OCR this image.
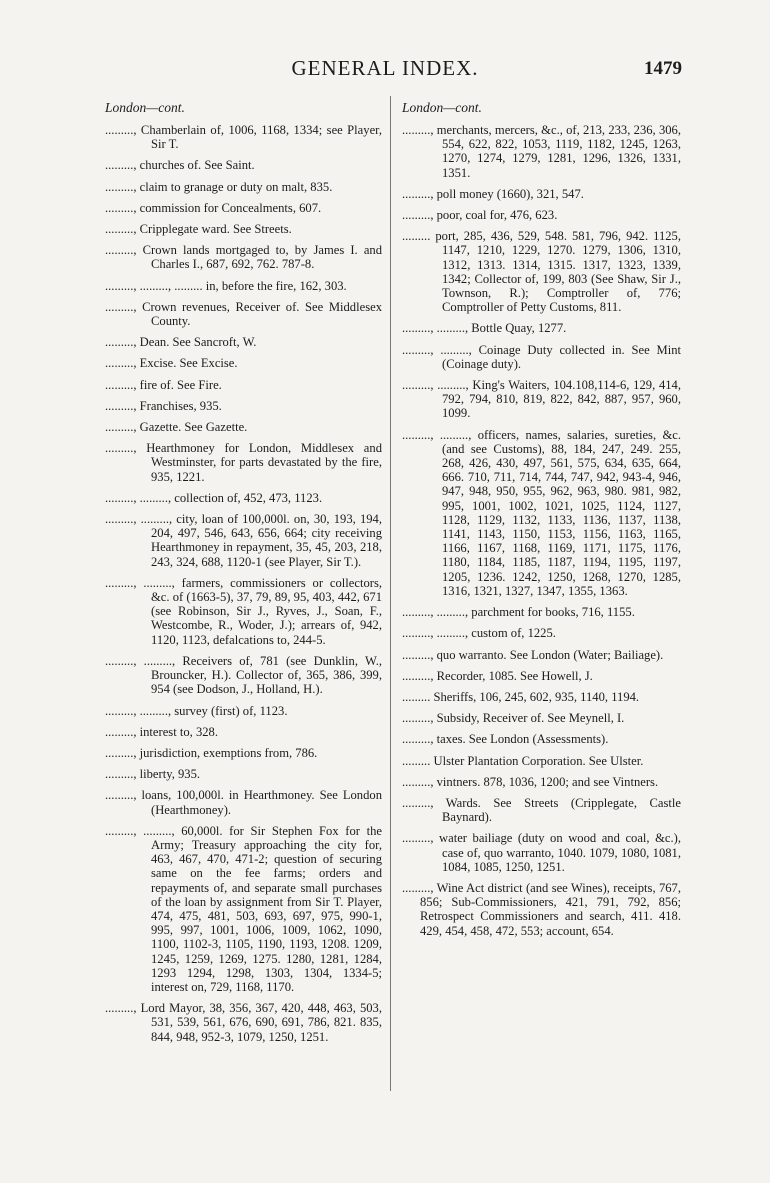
GENERAL INDEX.	1479
London—cont.
........., Chamberlain of, 1006, 1168, 1334; see Player, Sir T.
........., churches of. See Saint.
........., claim to granage or duty on malt, 835.
........., commission for Concealments, 607.
........., Cripplegate ward. See Streets.
........., Crown lands mortgaged to, by James I. and Charles I., 687, 692, 762. 787-8.
........., ........., ......... in, before the fire, 162, 303.
........., Crown revenues, Receiver of. See Middlesex County.
........., Dean. See Sancroft, W.
........., Excise. See Excise.
........., fire of. See Fire.
........., Franchises, 935.
........., Gazette. See Gazette.
........., Hearthmoney for London, Middlesex and Westminster, for parts devastated by the fire, 935, 1221.
........., ........., collection of, 452, 473, 1123.
........., ........., city, loan of 100,000l. on, 30, 193, 194, 204, 497, 546, 643, 656, 664; city receiving Hearthmoney in repayment, 35, 45, 203, 218, 243, 324, 688, 1120-1 (see Player, Sir T.).
........., ........., farmers, commissioners or collectors, &c. of (1663-5), 37, 79, 89, 95, 403, 442, 671 (see Robinson, Sir J., Ryves, J., Soan, F., Westcombe, R., Woder, J.); arrears of, 942, 1120, 1123, defalcations to, 244-5.
........., ........., Receivers of, 781 (see Dunklin, W., Brouncker, H.). Collector of, 365, 386, 399, 954 (see Dodson, J., Holland, H.).
........., ........., survey (first) of, 1123.
........., interest to, 328.
........., jurisdiction, exemptions from, 786.
........., liberty, 935.
........., loans, 100,000l. in Hearthmoney. See London (Hearthmoney).
........., ........., 60,000l. for Sir Stephen Fox for the Army; Treasury approaching the city for, 463, 467, 470, 471-2; question of securing same on the fee farms; orders and repayments of, and separate small purchases of the loan by assignment from Sir T. Player, 474, 475, 481, 503, 693, 697, 975, 990-1, 995, 997, 1001, 1006, 1009, 1062, 1090, 1100, 1102-3, 1105, 1190, 1193, 1208. 1209, 1245, 1259, 1269, 1275. 1280, 1281, 1284, 1293 1294, 1298, 1303, 1304, 1334-5; interest on, 729, 1168, 1170.
........., Lord Mayor, 38, 356, 367, 420, 448, 463, 503, 531, 539, 561, 676, 690, 691, 786, 821. 835, 844, 948, 952-3, 1079, 1250, 1251.
London—cont.
........., merchants, mercers, &c., of, 213, 233, 236, 306, 554, 622, 822, 1053, 1119, 1182, 1245, 1263, 1270, 1274, 1279, 1281, 1296, 1326, 1331, 1351.
........., poll money (1660), 321, 547.
........., poor, coal for, 476, 623.
......... port, 285, 436, 529, 548. 581, 796, 942. 1125, 1147, 1210, 1229, 1270. 1279, 1306, 1310, 1312, 1313. 1314, 1315. 1317, 1323, 1339, 1342; Collector of, 199, 803 (See Shaw, Sir J., Townson, R.); Comptroller of, 776; Comptroller of Petty Customs, 811.
........., ........., Bottle Quay, 1277.
........., ........., Coinage Duty collected in. See Mint (Coinage duty).
........., ........., King's Waiters, 104.108,114-6, 129, 414, 792, 794, 810, 819, 822, 842, 887, 957, 960, 1099.
........., ........., officers, names, salaries, sureties, &c. (and see Customs), 88, 184, 247, 249. 255, 268, 426, 430, 497, 561, 575, 634, 635, 664, 666. 710, 711, 714, 744, 747, 942, 943-4, 946, 947, 948, 950, 955, 962, 963, 980. 981, 982, 995, 1001, 1002, 1021, 1025, 1124, 1127, 1128, 1129, 1132, 1133, 1136, 1137, 1138, 1141, 1143, 1150, 1153, 1156, 1163, 1165, 1166, 1167, 1168, 1169, 1171, 1175, 1176, 1180, 1184, 1185, 1187, 1194, 1195, 1197, 1205, 1236. 1242, 1250, 1268, 1270, 1285, 1316, 1321, 1327, 1347, 1355, 1363.
........., ........., parchment for books, 716, 1155.
........., ........., custom of, 1225.
........., quo warranto. See London (Water; Bailiage).
........., Recorder, 1085. See Howell, J.
......... Sheriffs, 106, 245, 602, 935, 1140, 1194.
........., Subsidy, Receiver of. See Meynell, I.
........., taxes. See London (Assessments).
......... Ulster Plantation Corporation. See Ulster.
........., vintners. 878, 1036, 1200; and see Vintners.
........., Wards. See Streets (Cripplegate, Castle Baynard).
........., water bailiage (duty on wood and coal, &c.), case of, quo warranto, 1040. 1079, 1080, 1081, 1084, 1085, 1250, 1251.
........., Wine Act district (and see Wines), receipts, 767, 856; Sub-Commissioners, 421, 791, 792, 856; Retrospect Commissioners and search, 411. 418. 429, 454, 458, 472, 553; account, 654.
